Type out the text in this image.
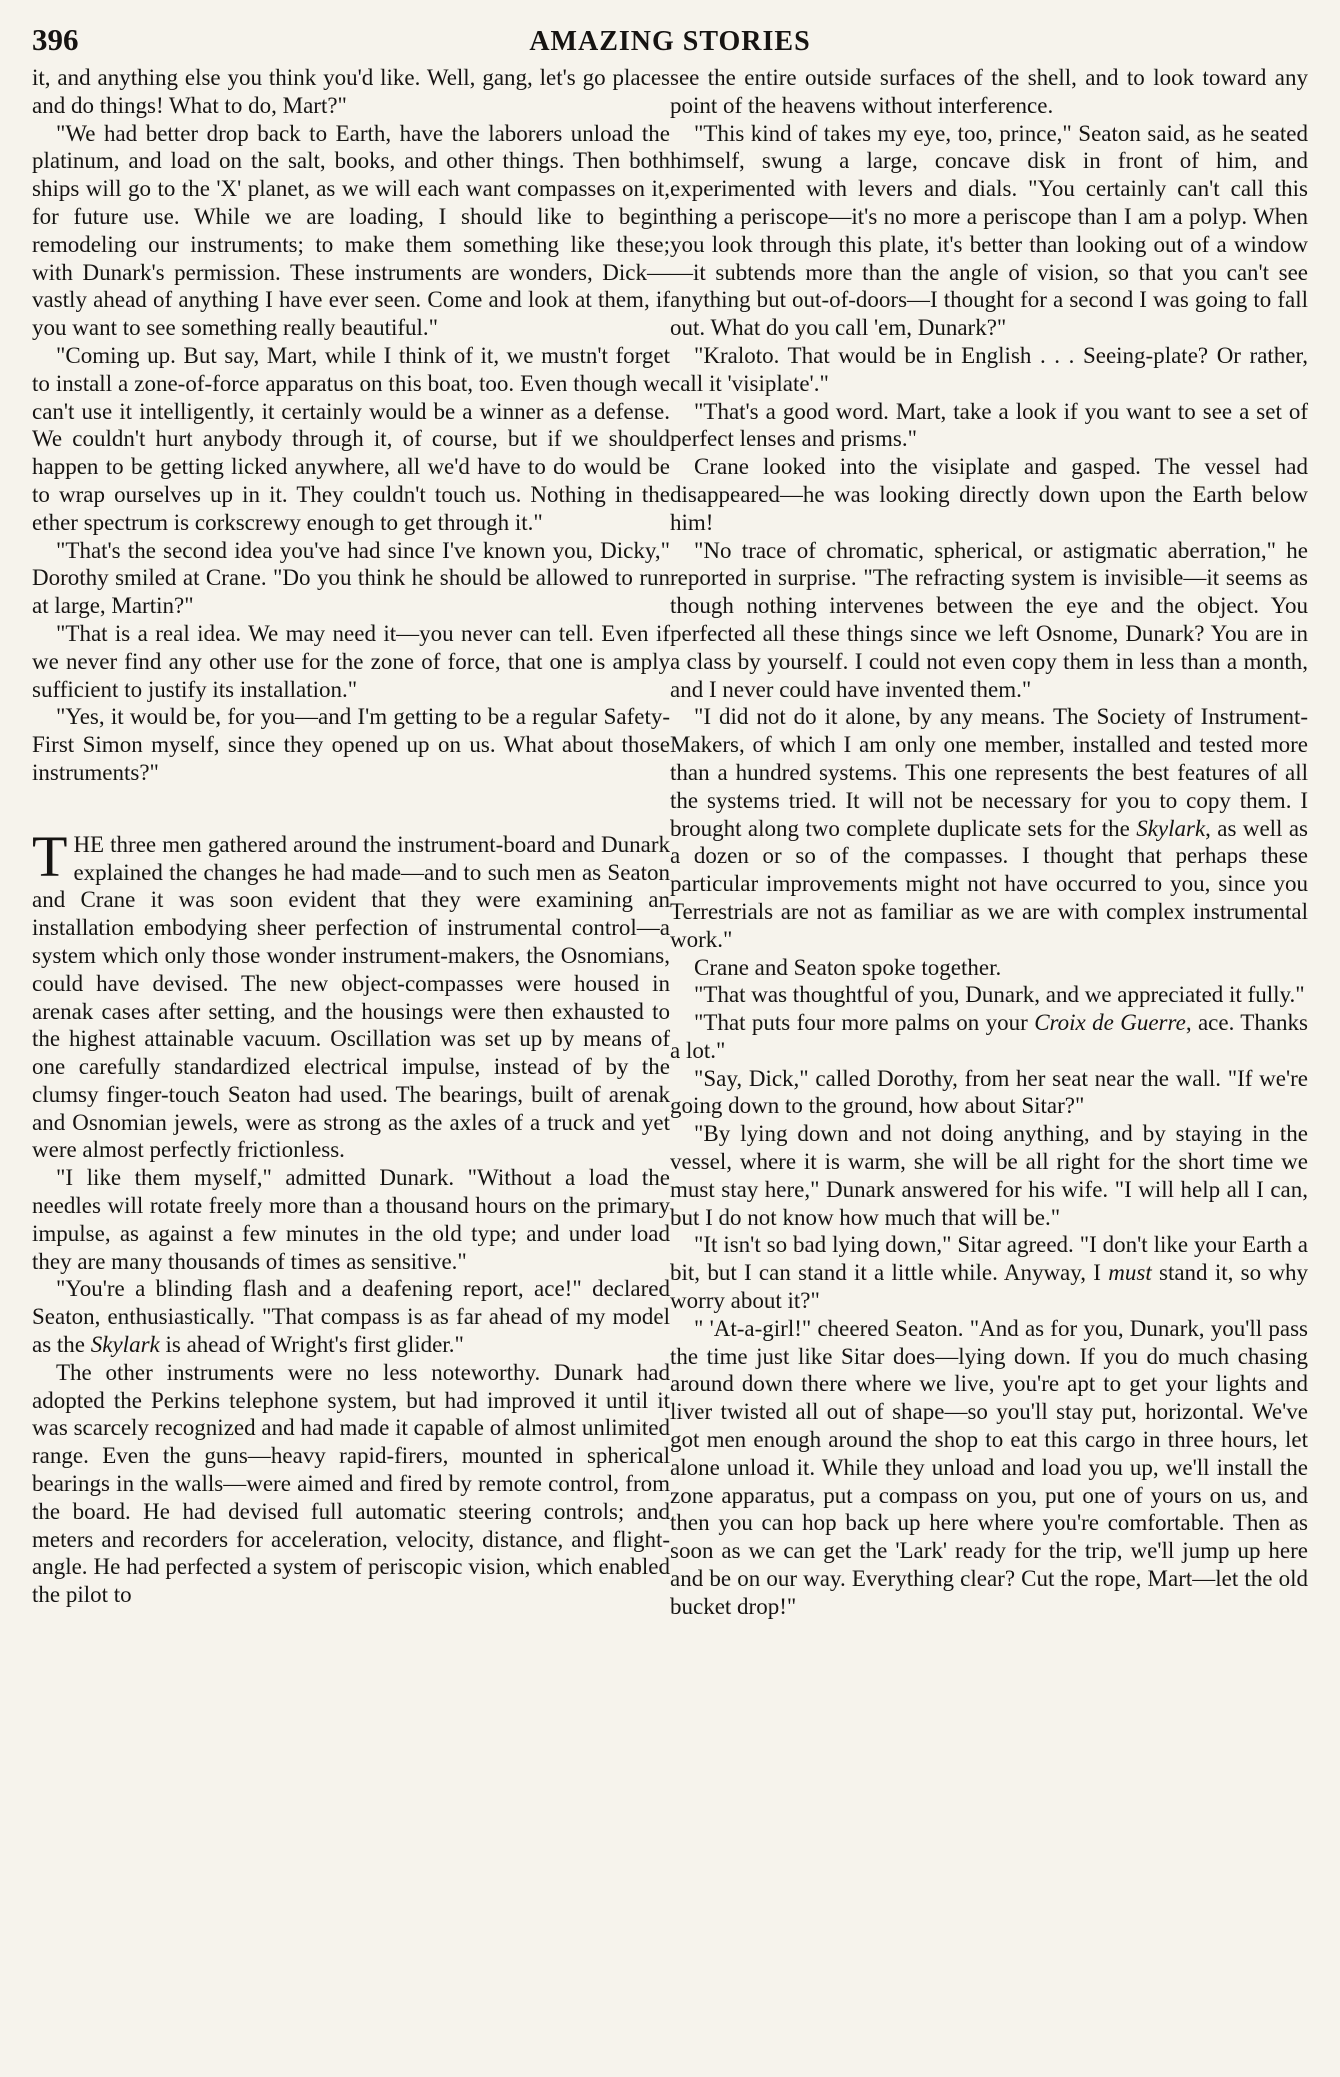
396	AMAZING STORIES

it, and anything else you think you'd like. Well, gang, let's go places and do things! What to do, Mart?"

"We had better drop back to Earth, have the laborers unload the platinum, and load on the salt, books, and other things. Then both ships will go to the 'X' planet, as we will each want compasses on it, for future use. While we are loading, I should like to begin remodeling our instruments; to make them something like these; with Dunark's permission. These instruments are wonders, Dick—vastly ahead of anything I have ever seen. Come and look at them, if you want to see something really beautiful."

"Coming up. But say, Mart, while I think of it, we mustn't forget to install a zone-of-force apparatus on this boat, too. Even though we can't use it intelligently, it certainly would be a winner as a defense. We couldn't hurt anybody through it, of course, but if we should happen to be getting licked anywhere, all we'd have to do would be to wrap ourselves up in it. They couldn't touch us. Nothing in the ether spectrum is corkscrewy enough to get through it."

"That's the second idea you've had since I've known you, Dicky," Dorothy smiled at Crane. "Do you think he should be allowed to run at large, Martin?"

"That is a real idea. We may need it—you never can tell. Even if we never find any other use for the zone of force, that one is amply sufficient to justify its installation."

"Yes, it would be, for you—and I'm getting to be a regular Safety-First Simon myself, since they opened up on us. What about those instruments?"

THE three men gathered around the instrument-board and Dunark explained the changes he had made—and to such men as Seaton and Crane it was soon evident that they were examining an installation embodying sheer perfection of instrumental control—a system which only those wonder instrument-makers, the Osnomians, could have devised. The new object-compasses were housed in arenak cases after setting, and the housings were then exhausted to the highest attainable vacuum. Oscillation was set up by means of one carefully standardized electrical impulse, instead of by the clumsy finger-touch Seaton had used. The bearings, built of arenak and Osnomian jewels, were as strong as the axles of a truck and yet were almost perfectly frictionless.

"I like them myself," admitted Dunark. "Without a load the needles will rotate freely more than a thousand hours on the primary impulse, as against a few minutes in the old type; and under load they are many thousands of times as sensitive."

"You're a blinding flash and a deafening report, ace!" declared Seaton, enthusiastically. "That compass is as far ahead of my model as the Skylark is ahead of Wright's first glider."

The other instruments were no less noteworthy. Dunark had adopted the Perkins telephone system, but had improved it until it was scarcely recognized and had made it capable of almost unlimited range. Even the guns—heavy rapid-firers, mounted in spherical bearings in the walls—were aimed and fired by remote control, from the board. He had devised full automatic steering controls; and meters and recorders for acceleration, velocity, distance, and flight-angle. He had perfected a system of periscopic vision, which enabled the pilot to

see the entire outside surfaces of the shell, and to look toward any point of the heavens without interference.

"This kind of takes my eye, too, prince," Seaton said, as he seated himself, swung a large, concave disk in front of him, and experimented with levers and dials. "You certainly can't call this thing a periscope—it's no more a periscope than I am a polyp. When you look through this plate, it's better than looking out of a window—it subtends more than the angle of vision, so that you can't see anything but out-of-doors—I thought for a second I was going to fall out. What do you call 'em, Dunark?"

"Kraloto. That would be in English . . . Seeing-plate? Or rather, call it 'visiplate'."

"That's a good word. Mart, take a look if you want to see a set of perfect lenses and prisms."

Crane looked into the visiplate and gasped. The vessel had disappeared—he was looking directly down upon the Earth below him!

"No trace of chromatic, spherical, or astigmatic aberration," he reported in surprise. "The refracting system is invisible—it seems as though nothing intervenes between the eye and the object. You perfected all these things since we left Osnome, Dunark? You are in a class by yourself. I could not even copy them in less than a month, and I never could have invented them."

"I did not do it alone, by any means. The Society of Instrument-Makers, of which I am only one member, installed and tested more than a hundred systems. This one represents the best features of all the systems tried. It will not be necessary for you to copy them. I brought along two complete duplicate sets for the Skylark, as well as a dozen or so of the compasses. I thought that perhaps these particular improvements might not have occurred to you, since you Terrestrials are not as familiar as we are with complex instrumental work."

Crane and Seaton spoke together.

"That was thoughtful of you, Dunark, and we appreciated it fully."

"That puts four more palms on your Croix de Guerre, ace. Thanks a lot."

"Say, Dick," called Dorothy, from her seat near the wall. "If we're going down to the ground, how about Sitar?"

"By lying down and not doing anything, and by staying in the vessel, where it is warm, she will be all right for the short time we must stay here," Dunark answered for his wife. "I will help all I can, but I do not know how much that will be."

"It isn't so bad lying down," Sitar agreed. "I don't like your Earth a bit, but I can stand it a little while. Anyway, I must stand it, so why worry about it?"

" 'At-a-girl!" cheered Seaton. "And as for you, Dunark, you'll pass the time just like Sitar does—lying down. If you do much chasing around down there where we live, you're apt to get your lights and liver twisted all out of shape—so you'll stay put, horizontal. We've got men enough around the shop to eat this cargo in three hours, let alone unload it. While they unload and load you up, we'll install the zone apparatus, put a compass on you, put one of yours on us, and then you can hop back up here where you're comfortable. Then as soon as we can get the 'Lark' ready for the trip, we'll jump up here and be on our way. Everything clear? Cut the rope, Mart—let the old bucket drop!"
